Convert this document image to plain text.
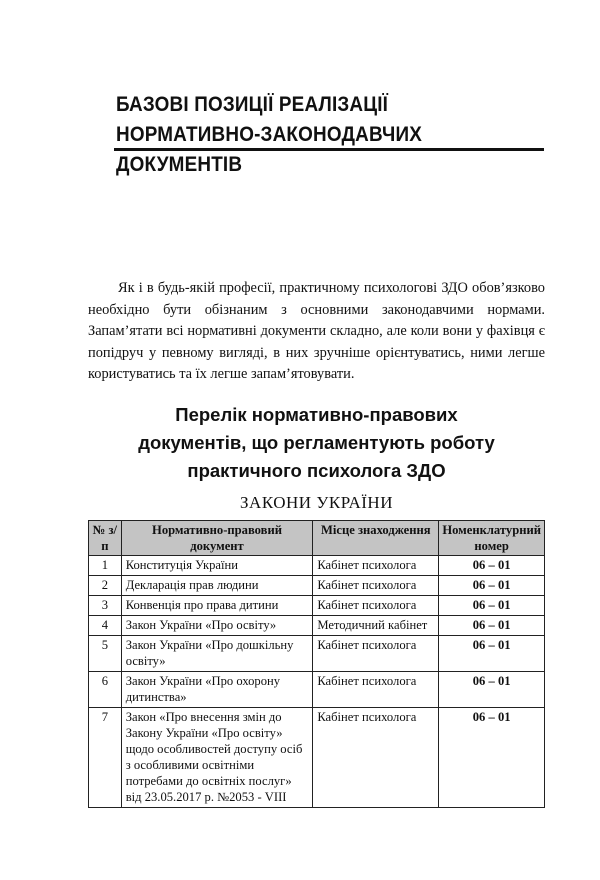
БАЗОВІ ПОЗИЦІЇ РЕАЛІЗАЦІЇ НОРМАТИВНО-ЗАКОНОДАВЧИХ ДОКУМЕНТІВ

Як і в будь-якій професії, практичному психологові ЗДО обов’язково необхідно бути обізнаним з основними законодавчими нормами. Запам’ятати всі нормативні документи складно, але коли вони у фахівця є попідруч у певному вигляді, в них зручніше орієнтуватись, ними легше користуватись та їх легше запам’ятовувати.

Перелік нормативно-правових
документів, що регламентують роботу
практичного психолога ЗДО
ЗАКОНИ УКРАЇНИ
№ з/п	Нормативно-правовий документ	Місце знаходження	Номенклатурний номер
1	Конституція України	Кабінет психолога	06 – 01
2	Декларація прав людини	Кабінет психолога	06 – 01
3	Конвенція про права дитини	Кабінет психолога	06 – 01
4	Закон України «Про освіту»	Методичний кабінет	06 – 01
5	Закон України «Про дошкільну освіту»	Кабінет психолога	06 – 01
6	Закон України «Про охорону дитинства»	Кабінет психолога	06 – 01
7	Закон «Про внесення змін до Закону України «Про освіту» щодо особливостей доступу осіб з особливими освітніми потребами до освітніх послуг» від 23.05.2017 р. №2053 - VIII	Кабінет психолога	06 – 01
